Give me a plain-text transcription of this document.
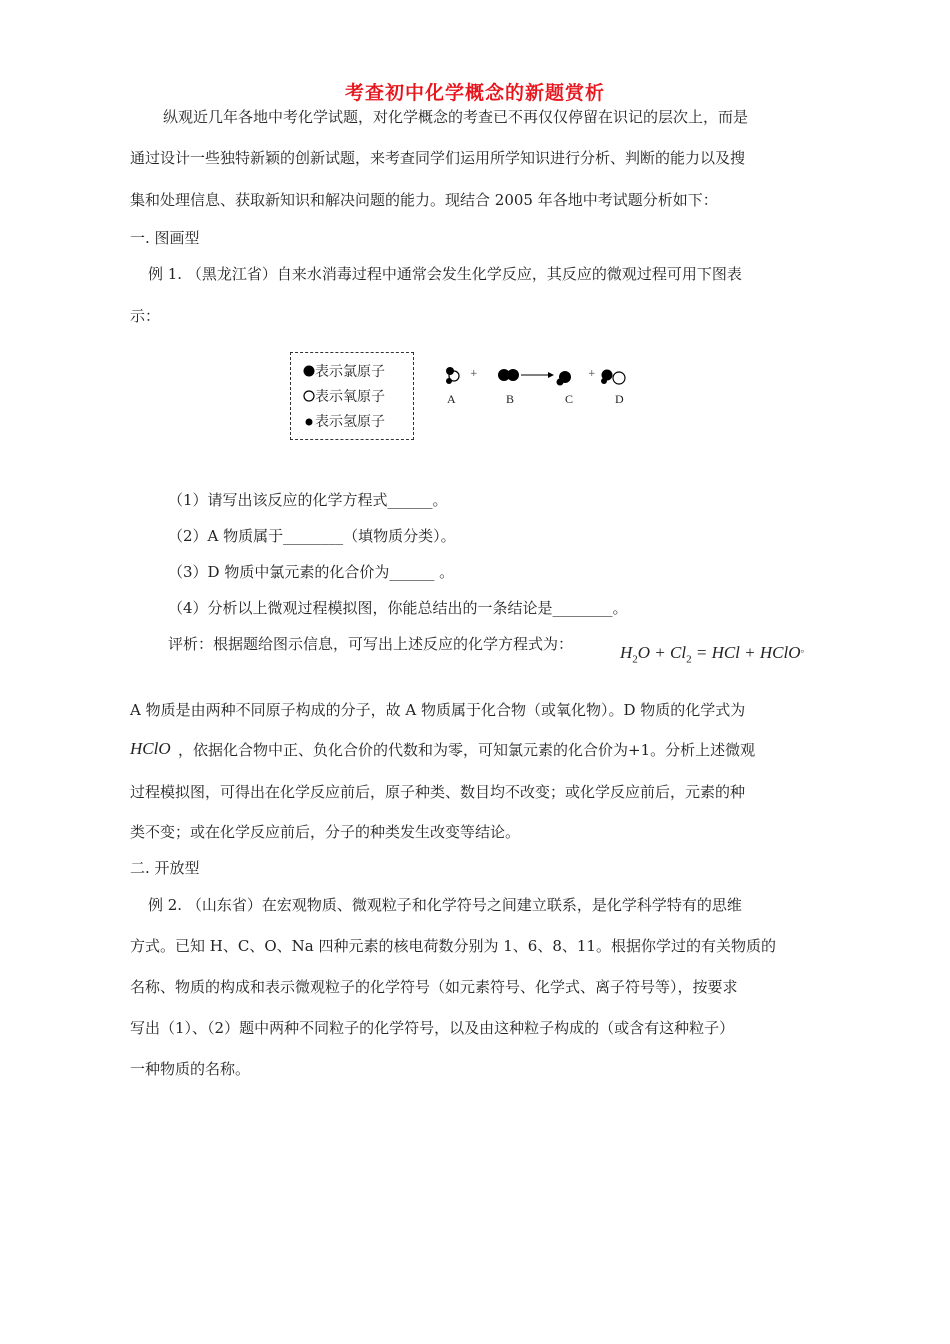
考查初中化学概念的新题赏析
纵观近几年各地中考化学试题，对化学概念的考查已不再仅仅停留在识记的层次上，而是
通过设计一些独特新颖的创新试题，来考查同学们运用所学知识进行分析、判断的能力以及搜
集和处理信息、获取新知识和解决问题的能力。现结合 2005 年各地中考试题分析如下：
一. 图画型
例 1. （黑龙江省）自来水消毒过程中通常会发生化学反应，其反应的微观过程可用下图表
示：
表示氯原子
表示氧原子
表示氢原子
+	+
A	B	C	D
（1）请写出该反应的化学方程式______。
（2）A 物质属于________（填物质分类）。
（3）D 物质中氯元素的化合价为______ 。
（4）分析以上微观过程模拟图，你能总结出的一条结论是________。
评析：根据题给图示信息，可写出上述反应的化学方程式为：	$H_2O + Cl_2$ = HCl + HClO。
A 物质是由两种不同原子构成的分子，故 A 物质属于化合物（或氧化物）。D 物质的化学式为
HClO ，依据化合物中正、负化合价的代数和为零，可知氯元素的化合价为+1。分析上述微观
过程模拟图，可得出在化学反应前后，原子种类、数目均不改变；或化学反应前后，元素的种
类不变；或在化学反应前后，分子的种类发生改变等结论。
二. 开放型
例 2. （山东省）在宏观物质、微观粒子和化学符号之间建立联系，是化学科学特有的思维
方式。已知 H、C、O、Na 四种元素的核电荷数分别为 1、6、8、11。根据你学过的有关物质的
名称、物质的构成和表示微观粒子的化学符号（如元素符号、化学式、离子符号等），按要求
写出（1）、（2）题中两种不同粒子的化学符号，以及由这种粒子构成的（或含有这种粒子）
一种物质的名称。
